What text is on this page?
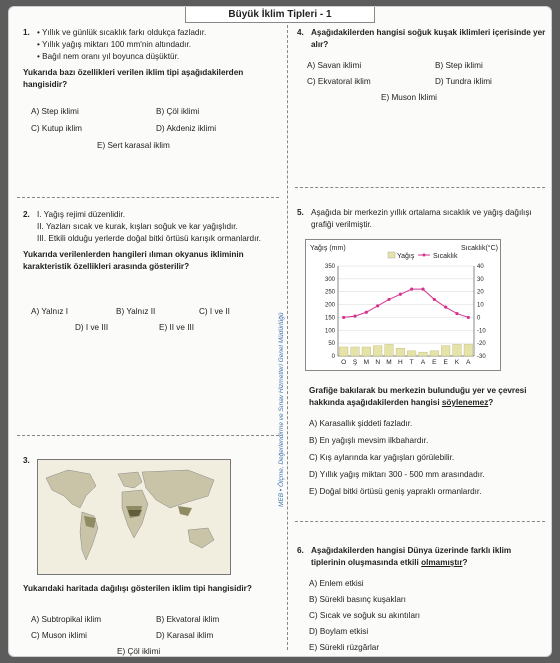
Büyük İklim Tipleri - 1
MEB • Ölçme, Değerlendirme ve Sınav Hizmetleri Genel Müdürlüğü
1. • Yıllık ve günlük sıcaklık farkı oldukça fazladır.
• Yıllık yağış miktarı 100 mm'nin altındadır.
• Bağıl nem oranı yıl boyunca düşüktür.
Yukarıda bazı özellikleri verilen iklim tipi aşağıdakilerden hangisidir?
A) Step iklimi	B) Çöl iklimi
C) Kutup iklim	D) Akdeniz iklimi
E) Sert karasal iklim
2. I. Yağış rejimi düzenlidir.
II. Yazları sıcak ve kurak, kışları soğuk ve kar yağışlıdır.
III. Etkili olduğu yerlerde doğal bitki örtüsü karışık ormanlardır.
Yukarıda verilenlerden hangileri ılıman okyanus ikliminin karakteristik özellikleri arasında gösterilir?
A) Yalnız I	B) Yalnız II	C) I ve II
D) I ve III	E) II ve III
3.
Yukarıdaki haritada dağılışı gösterilen iklim tipi hangisidir?
A) Subtropikal iklim	B) Ekvatoral iklim
C) Muson iklimi	D) Karasal iklim
E) Çöl iklimi
4. Aşağıdakilerden hangisi soğuk kuşak iklimleri içerisinde yer alır?
A) Savan iklimi	B) Step iklimi
C) Ekvatoral iklim	D) Tundra iklimi
E) Muson İklimi
5. Aşağıda bir merkezin yıllık ortalama sıcaklık ve yağış dağılışı grafiği verilmiştir.
Yağış (mm)	Sıcaklık(°C)
Yağış	Sıcaklık
0
50
100
150
200
250
300
350
-30
-20
-10
0
10
20
30
40
O Ş M N M H T A E E K A
Grafiğe bakılarak bu merkezin bulunduğu yer ve çevresi hakkında aşağıdakilerden hangisi söylenemez?
A) Karasallık şiddeti fazladır.
B) En yağışlı mevsim ilkbahardır.
C) Kış aylarında kar yağışları görülebilir.
D) Yıllık yağış miktarı 300 - 500 mm arasındadır.
E) Doğal bitki örtüsü geniş yapraklı ormanlardır.
6. Aşağıdakilerden hangisi Dünya üzerinde farklı iklim tiplerinin oluşmasında etkili olmamıştır?
A) Enlem etkisi
B) Sürekli basınç kuşakları
C) Sıcak ve soğuk su akıntıları
D) Boylam etkisi
E) Sürekli rüzgârlar
